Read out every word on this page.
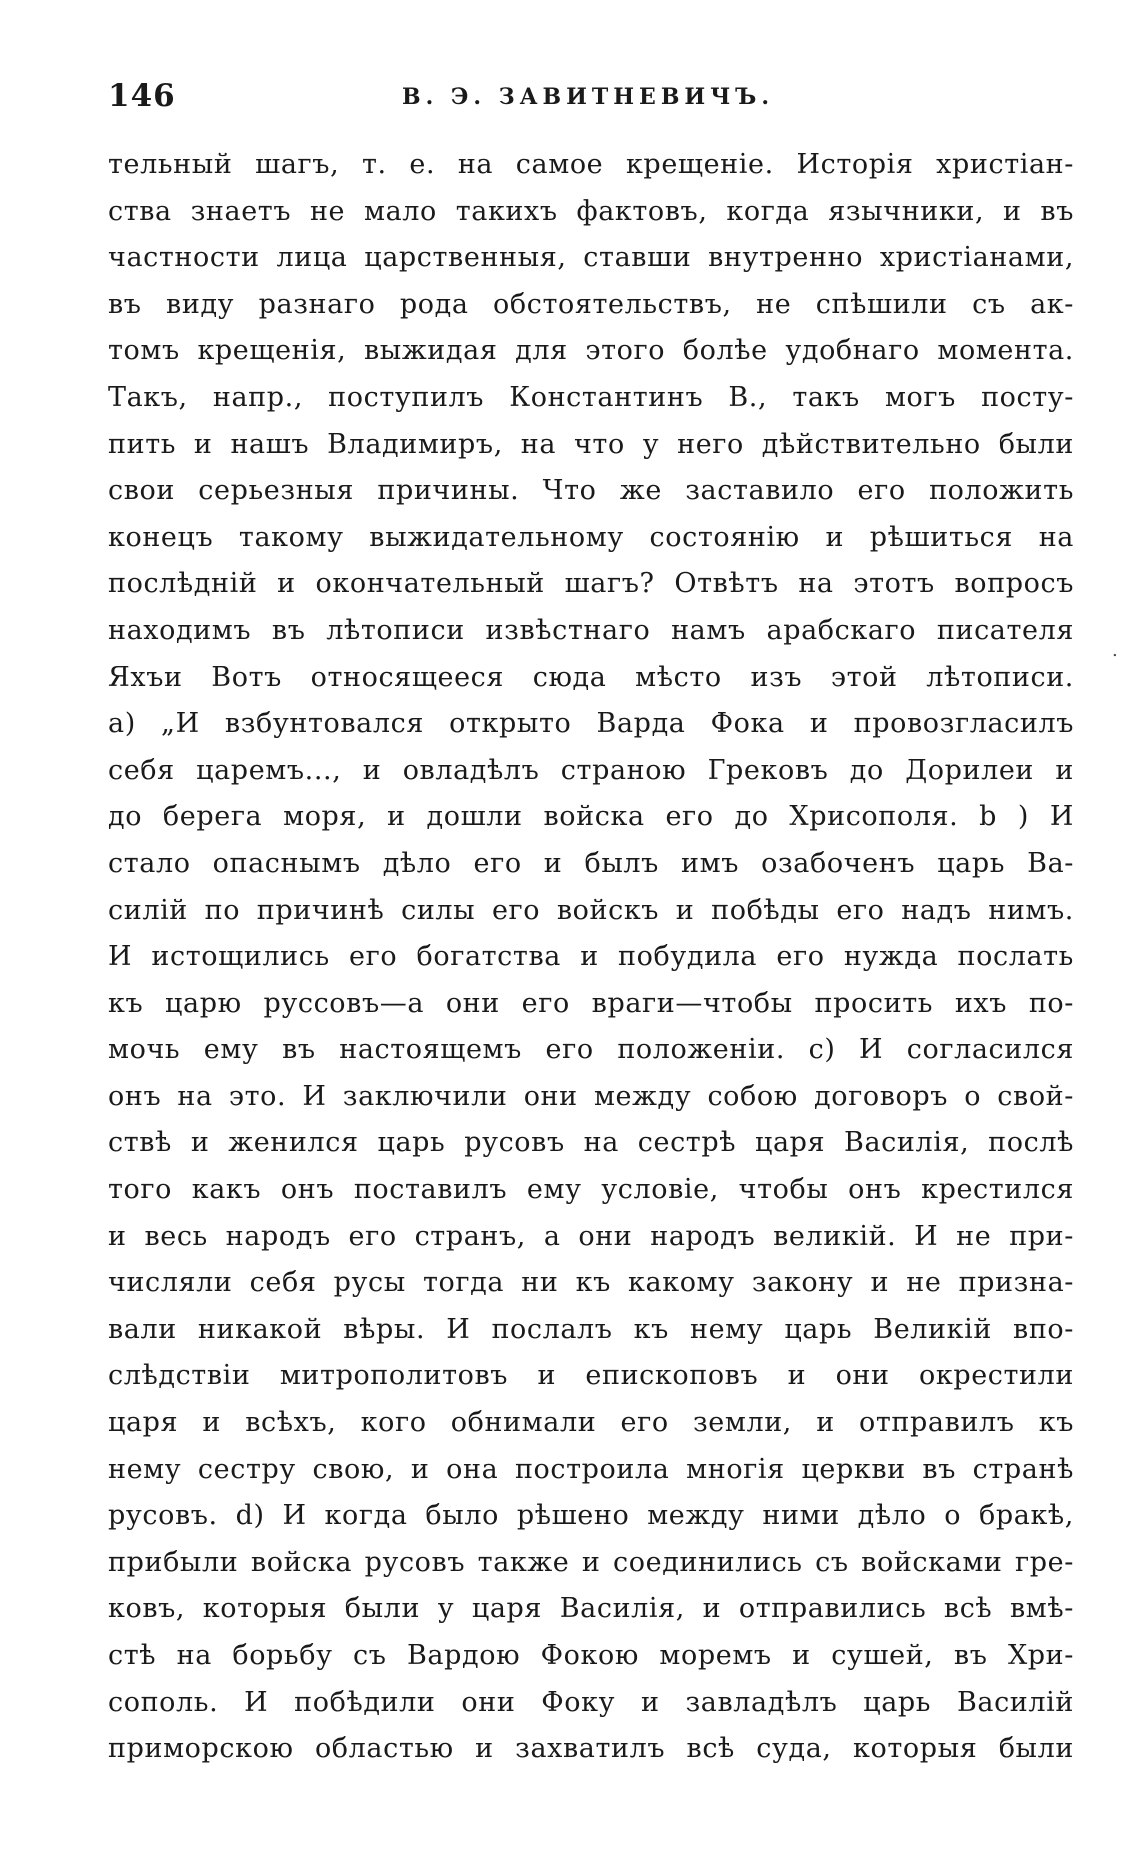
146	В. Э. ЗАВИТНЕВИЧЪ.
тельный шагъ, т. е. на самое крещеніе. Исторія христіан-
ства знаетъ не мало такихъ фактовъ, когда язычники, и въ
частности лица царственныя, ставши внутренно христіанами,
въ виду разнаго рода обстоятельствъ, не спѣшили съ ак-
томъ крещенія, выжидая для этого болѣе удобнаго момента.
Такъ, напр., поступилъ Константинъ В., такъ могъ посту-
пить и нашъ Владимиръ, на что у него дѣйствительно были
свои серьезныя причины. Что же заставило его положить
конецъ такому выжидательному состоянію и рѣшиться на
послѣдній и окончательный шагъ? Отвѣтъ на этотъ вопросъ
находимъ въ лѣтописи извѣстнаго намъ арабскаго писателя
Яхъи Вотъ относящееся сюда мѣсто изъ этой лѣтописи.
а) „И взбунтовался открыто Варда Фока и провозгласилъ
себя царемъ..., и овладѣлъ страною Грековъ до Дорилеи и
до берега моря, и дошли войска его до Хрисополя. b ) И
стало опаснымъ дѣло его и былъ имъ озабоченъ царь Ва-
силій по причинѣ силы его войскъ и побѣды его надъ нимъ.
И истощились его богатства и побудила его нужда послать
къ царю руссовъ—а они его враги—чтобы просить ихъ по-
мочь ему въ настоящемъ его положеніи. с) И согласился
онъ на это. И заключили они между собою договоръ о свой-
ствѣ и женился царь русовъ на сестрѣ царя Василія, послѣ
того какъ онъ поставилъ ему условіе, чтобы онъ крестился
и весь народъ его странъ, а они народъ великій. И не при-
числяли себя русы тогда ни къ какому закону и не призна-
вали никакой вѣры. И послалъ къ нему царь Великій впо-
слѣдствіи митрополитовъ и епископовъ и они окрестили
царя и всѣхъ, кого обнимали его земли, и отправилъ къ
нему сестру свою, и она построила многія церкви въ странѣ
русовъ. d) И когда было рѣшено между ними дѣло о бракѣ,
прибыли войска русовъ также и соединились съ войсками гре-
ковъ, которыя были у царя Василія, и отправились всѣ вмѣ-
стѣ на борьбу съ Вардою Фокою моремъ и сушей, въ Хри-
сополь. И побѣдили они Фоку и завладѣлъ царь Василій
приморскою областью и захватилъ всѣ суда, которыя были
.
